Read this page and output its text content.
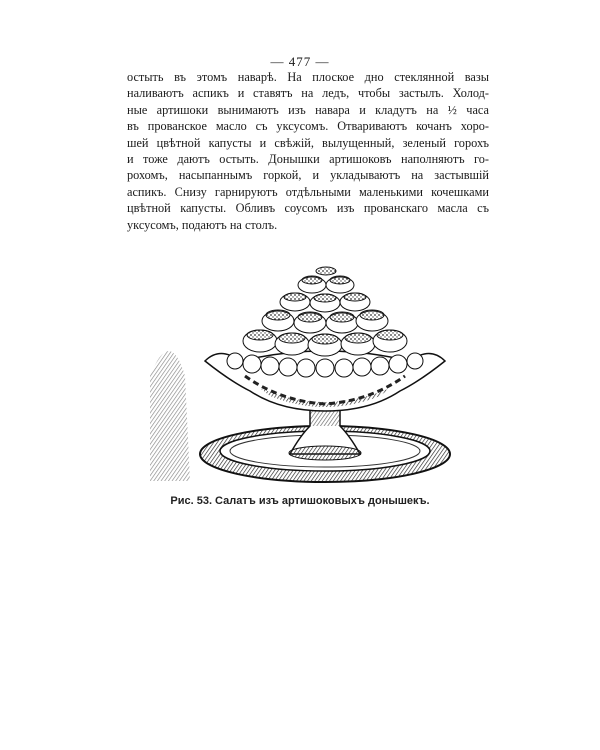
— 477 —
остыть въ этомъ наварѣ. На плоское дно стеклянной вазы
наливаютъ аспикъ и ставятъ на ледъ, чтобы застылъ. Холод-
ные артишоки вынимаютъ изъ навара и кладутъ на ½ часа
въ прованское масло съ уксусомъ. Отвариваютъ кочанъ хоро-
шей цвѣтной капусты и свѣжій, вылущенный, зеленый горохъ
и тоже даютъ остыть. Донышки артишоковъ наполняютъ го-
рохомъ, насыпаннымъ горкой, и укладываютъ на застывшій
аспикъ. Снизу гарнируютъ отдѣльными маленькими кочешками
цвѣтной капусты. Обливъ соусомъ изъ прованскаго масла съ
уксусомъ, подаютъ на столъ.
Рис. 53. Салатъ изъ артишоковыхъ донышекъ.
